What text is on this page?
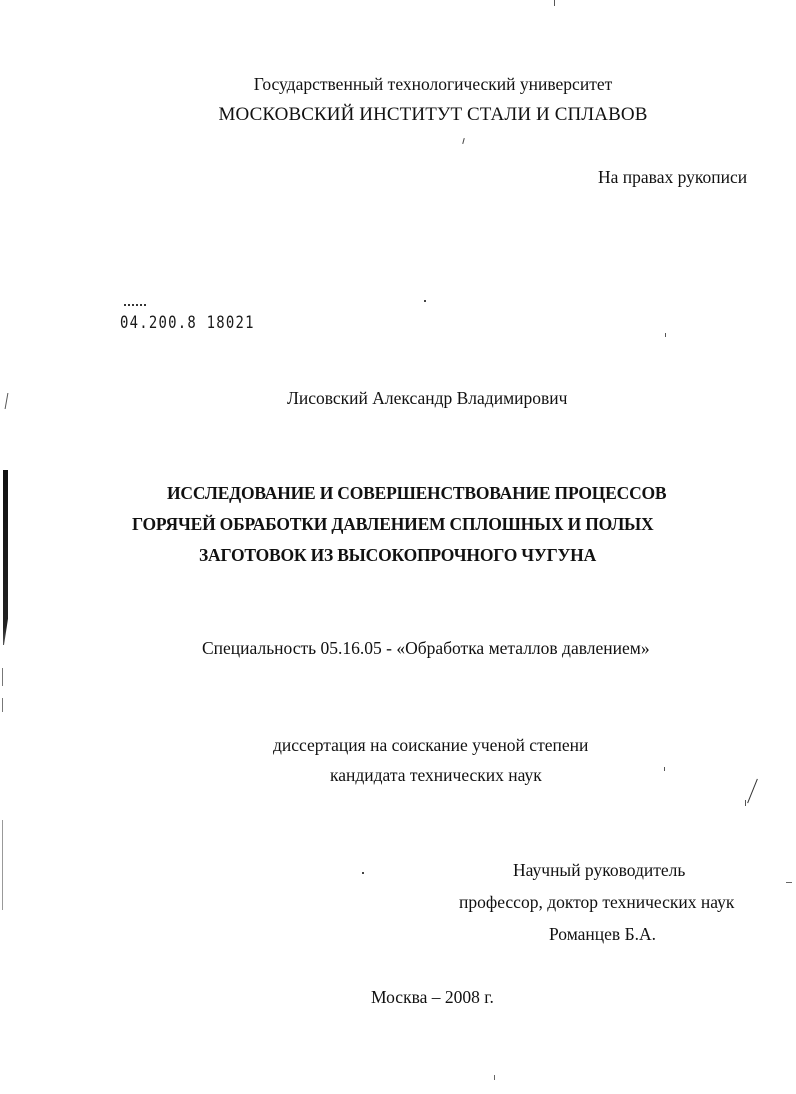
Государственный технологический университет
МОСКОВСКИЙ ИНСТИТУТ СТАЛИ И СПЛАВОВ
На правах рукописи
04.200.8 18021
Лисовский Александр Владимирович
ИССЛЕДОВАНИЕ И СОВЕРШЕНСТВОВАНИЕ ПРОЦЕССОВ
ГОРЯЧЕЙ ОБРАБОТКИ ДАВЛЕНИЕМ СПЛОШНЫХ И ПОЛЫХ
ЗАГОТОВОК ИЗ ВЫСОКОПРОЧНОГО ЧУГУНА
Специальность 05.16.05 - «Обработка металлов давлением»
диссертация на соискание ученой степени
кандидата технических наук
Научный руководитель
профессор, доктор технических наук
Романцев Б.А.
Москва – 2008 г.
